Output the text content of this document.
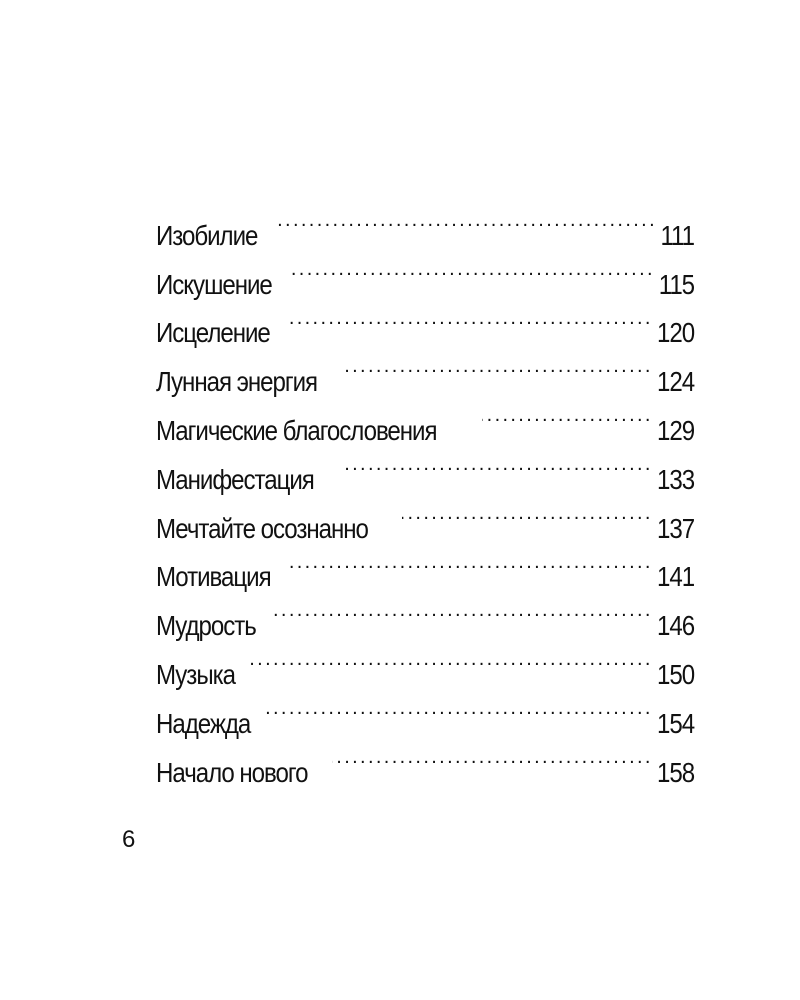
Изобилие . . .	111
Искушение . . .	115
Исцеление . . .	120
Лунная энергия . . .	124
Магические благословения . . .	129
Манифестация . . .	133
Мечтайте осознанно . . .	137
Мотивация . . .	141
Мудрость . . .	146
Музыка . . .	150
Надежда . . .	154
Начало нового . . .	158
6
